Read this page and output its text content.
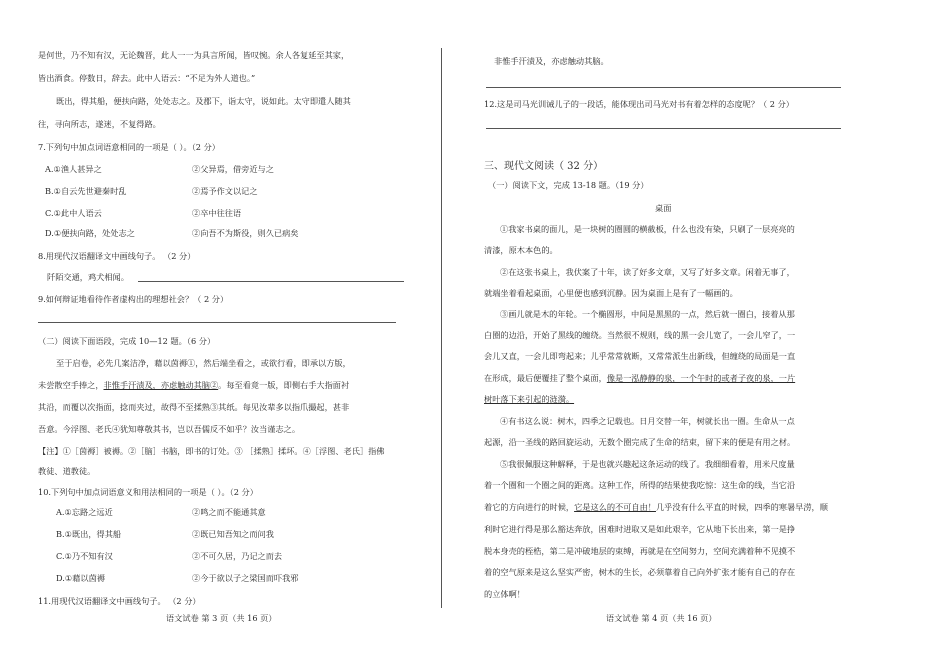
是何世，乃不知有汉，无论魏晋，此人一一为具言所闻，皆叹惋。余人各复延至其家，
皆出酒食。停数日，辞去。此中人语云：“不足为外人道也。”
既出，得其船，便扶向路，处处志之。及郡下，诣太守，说如此。太守即遣人随其
往，寻向所志，遂迷，不复得路。
7.下列句中加点词语意相同的一项是（ ）。（2 分）
A.①渔人甚异之	②父异焉，借旁近与之
B.①自云先世避秦时乱	②焉予作文以记之
C.①此中人语云	②卒中往往语
D.①便扶向路，处处志之	②向吾不为斯役，则久已病矣
8.用现代汉语翻译文中画线句子。 （2 分）
阡陌交通，鸡犬相闻。
9.如何辩证地看待作者虚构出的理想社会？（ 2 分）
（二）阅读下面语段，完成 10—12 题。（6 分）
至于启卷，必先几案洁净，藉以茵褥①，然后端坐看之，或欲行看，即承以方版，
未尝散空手捧之，非惟手汗渍及，亦虑触动其脑②。每至看竟一版，即侧右手大指面衬
其沿，而覆以次指面，捻而夹过，故得不至揉熟③其纸。每见汝辈多以指爪撮起，甚非
吾意。今浮图、老氏④犹知尊敬其书，岂以吾儒反不如乎？汝当谨志之。
【注】①［茵褥］被褥。②［脑］书脑，即书的订处。③ ［揉熟］揉坏。④［浮图、老氏］指佛
教徒、道教徒。
10.下列句中加点词语意义和用法相同的一项是（ ）。（2 分）
A.①忘路之远近	②鸣之而不能通其意
B.①既出，得其船	②既已知吾知之而问我
C.①乃不知有汉	②不可久居，乃记之而去
D.①藉以茵褥	②今于欲以子之梁国而吓我邪
11.用现代汉语翻译文中画线句子。 （2 分）
语文试卷 第 3 页（共 16 页）
非惟手汗渍及，亦虑触动其脑。
12.这是司马光训诫儿子的一段话，能体现出司马光对书有着怎样的态度呢？（ 2 分）
三、现代文阅读（ 32 分）
（一）阅读下文，完成 13-18 题。（19 分）
桌面
①我家书桌的面儿，是一块树的圈圆的横截板，什么也没有染，只刷了一层亮亮的
清漆，原木本色的。
②在这张书桌上，我伏案了十年，读了好多文章，又写了好多文章。闲着无事了，
就端坐着看起桌面，心里便也感到沉静。因为桌面上是有了一幅画的。
③画儿就是木的年轮。一个椭圆形，中间是黑黑的一点，然后就一圈白，接着从那
白圈的边沿，开始了黑线的缠绕。当然很不规则，线的黑一会儿宽了，一会儿窄了，一
会儿又直，一会儿即弯起来；儿乎常常就断，又常常派生出新线，但缠绕的局面是一直
在形成，最后便覆挂了整个桌面，像是一泓静静的泉，一个午时的或者子夜的泉，一片
树叶落下来引起的涟漪。
④有书这么说：树木，四季之记载也。日月交替一年，树就长出一圈。生命从一点
起源，沿一圣线的路回旋运动，无数个圈完成了生命的结束，留下来的便是有用之材。
⑤我很佩服这种解释，于是也就兴趣起这条运动的线了。我细细看着，用米尺度量
着一个圈和一个圈之间的距离。这种工作，所得的结果使我吃惊：这生命的线，当它沿
着它的方向进行的时候，它是这么的不可自由！几乎没有什么平直的时候，四季的寒暑早涝，顺
利时它进行得是那么豁达奔放，困难时进取又是如此艰辛，它从地下长出来，第一是挣
脱本身壳的桎梏，第二是冲破地层的束缚，再就是在空间努力，空间充满着种不见摸不
着的空气原来是这么坚实严密，树木的生长，必须靠着自己向外扩张才能有自己的存在
的立体啊！
语文试卷 第 4 页（共 16 页）
